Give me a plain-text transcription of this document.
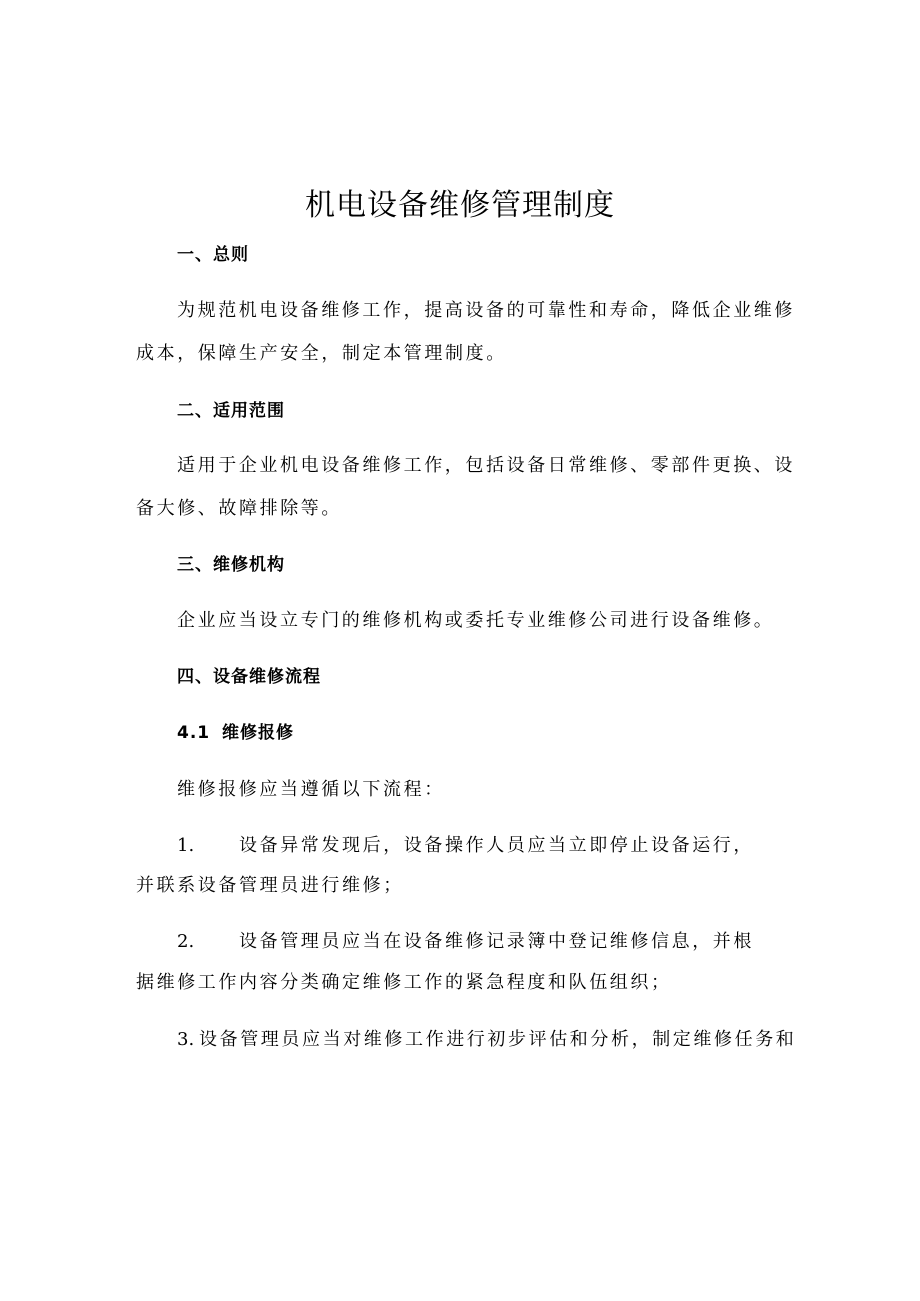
机电设备维修管理制度
一、总则
为规范机电设备维修工作，提高设备的可靠性和寿命，降低企业维修
成本，保障生产安全，制定本管理制度。
二、适用范围
适用于企业机电设备维修工作，包括设备日常维修、零部件更换、设
备大修、故障排除等。
三、维修机构
企业应当设立专门的维修机构或委托专业维修公司进行设备维修。
四、设备维修流程
4.1 维修报修
维修报修应当遵循以下流程：
1. 设备异常发现后，设备操作人员应当立即停止设备运行，
并联系设备管理员进行维修；
2. 设备管理员应当在设备维修记录簿中登记维修信息，并根
据维修工作内容分类确定维修工作的紧急程度和队伍组织；
3. 设备管理员应当对维修工作进行初步评估和分析，制定维修任务和
